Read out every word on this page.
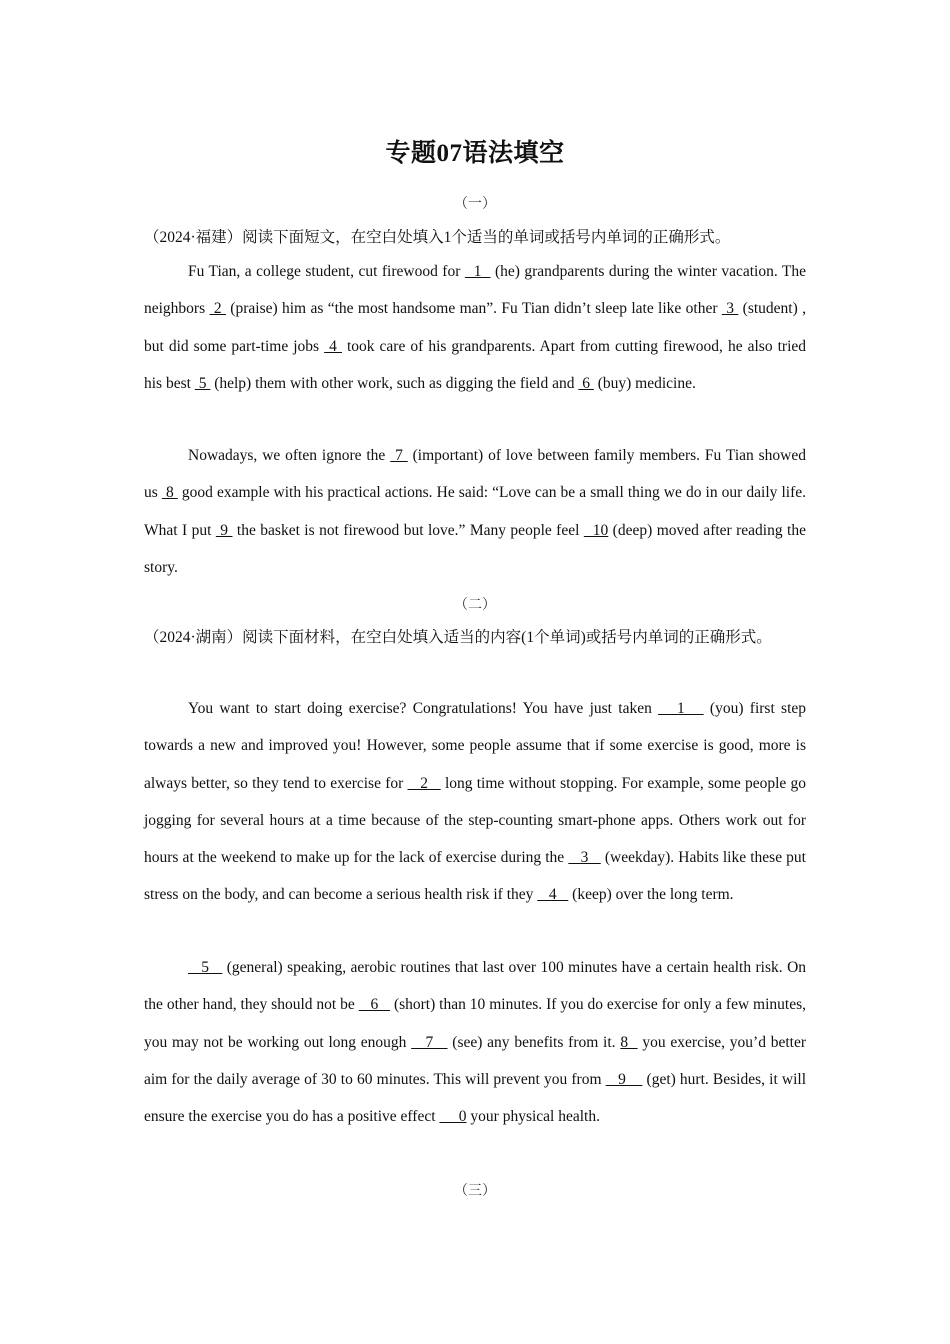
专题07语法填空
（一）
（2024·福建）阅读下面短文，在空白处填入1个适当的单词或括号内单词的正确形式。
Fu Tian, a college student, cut firewood for   1   (he) grandparents during the winter vacation. The neighbors  2  (praise) him as “the most handsome man”. Fu Tian didn’t sleep late like other  3  (student) , but did some part-time jobs  4  took care of his grandparents. Apart from cutting firewood, he also tried his best  5  (help) them with other work, such as digging the field and  6  (buy) medicine.
Nowadays, we often ignore the  7  (important) of love between family members. Fu Tian showed us  8  good example with his practical actions. He said: “Love can be a small thing we do in our daily life. What I put  9  the basket is not firewood but love.” Many people feel   10 (deep) moved after reading the story.
（二）
（2024·湖南）阅读下面材料，在空白处填入适当的内容(1个单词)或括号内单词的正确形式。
You want to start doing exercise? Congratulations! You have just taken    1    (you) first step towards a new and improved you! However, some people assume that if some exercise is good, more is always better, so they tend to exercise for    2    long time without stopping. For example, some people go jogging for several hours at a time because of the step-counting smart-phone apps. Others work out for hours at the weekend to make up for the lack of exercise during the    3    (weekday). Habits like these put stress on the body, and can become a serious health risk if they    4    (keep) over the long term.
5    (general) speaking, aerobic routines that last over 100 minutes have a certain health risk. On the other hand, they should not be    6    (short) than 10 minutes. If you do exercise for only a few minutes, you may not be working out long enough    7    (see) any benefits from it. 8   you exercise, you’d better aim for the daily average of 30 to 60 minutes. This will prevent you from    9     (get) hurt. Besides, it will ensure the exercise you do has a positive effect      0 your physical health.
（三）
